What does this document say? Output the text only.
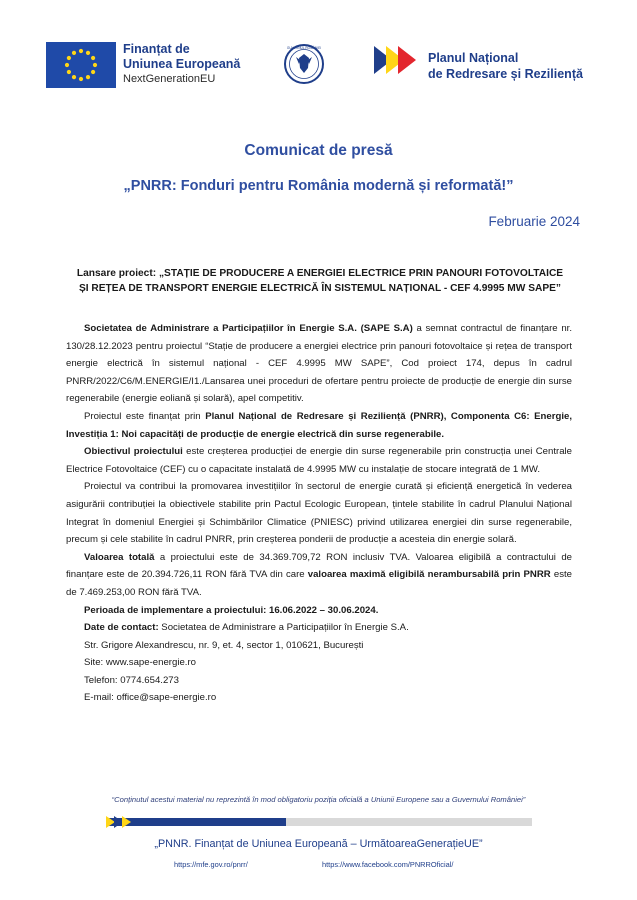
Finanțat de
Uniunea Europeană
NextGenerationEU
GUVERNUL ROMÂNIEI
Planul Național
de Redresare și Reziliență
Comunicat de presă
„PNRR: Fonduri pentru România modernă și reformată!”
Februarie 2024
Lansare proiect: „STAȚIE DE PRODUCERE A ENERGIEI ELECTRICE PRIN PANOURI FOTOVOLTAICE
ȘI REȚEA DE TRANSPORT ENERGIE ELECTRICĂ ÎN SISTEMUL NAȚIONAL - CEF 4.9995 MW SAPE”

Societatea de Administrare a Participațiilor în Energie S.A. (SAPE S.A) a semnat contractul de finanțare nr. 130/28.12.2023 pentru proiectul “Stație de producere a energiei electrice prin panouri fotovoltaice și rețea de transport energie electrică în sistemul național - CEF 4.9995 MW SAPE”, Cod proiect 174, depus în cadrul PNRR/2022/C6/M.ENERGIE/I1./Lansarea unei proceduri de ofertare pentru proiecte de producție de energie din surse regenerabile (energie eoliană și solară), apel competitiv.

Proiectul este finanțat prin Planul Național de Redresare și Reziliență (PNRR), Componenta C6: Energie, Investiția 1: Noi capacități de producție de energie electrică din surse regenerabile.

Obiectivul proiectului este creșterea producției de energie din surse regenerabile prin construcția unei Centrale Electrice Fotovoltaice (CEF) cu o capacitate instalată de 4.9995 MW cu instalație de stocare integrată de 1 MW.

Proiectul va contribui la promovarea investițiilor în sectorul de energie curată și eficiență energetică în vederea asigurării contribuției la obiectivele stabilite prin Pactul Ecologic European, țintele stabilite în cadrul Planului Național Integrat în domeniul Energiei și Schimbărilor Climatice (PNIESC) privind utilizarea energiei din surse regenerabile, precum și cele stabilite în cadrul PNRR, prin creșterea ponderii de producție a acesteia din energie solară.

Valoarea totală a proiectului este de 34.369.709,72 RON inclusiv TVA. Valoarea eligibilă a contractului de finanțare este de 20.394.726,11 RON fără TVA din care valoarea maximă eligibilă nerambursabilă prin PNRR este de 7.469.253,00 RON fără TVA.

Perioada de implementare a proiectului: 16.06.2022 – 30.06.2024.

Date de contact: Societatea de Administrare a Participațiilor în Energie S.A.

Str. Grigore Alexandrescu, nr. 9, et. 4, sector 1, 010621, București

Site: www.sape-energie.ro

Telefon: 0774.654.273

E-mail: office@sape-energie.ro

“Conținutul acestui material nu reprezintă în mod obligatoriu poziția oficială a Uniunii Europene sau a Guvernului României”
„PNNR. Finanțat de Uniunea Europeană – UrmătoareaGenerațieUE”
https://mfe.gov.ro/pnrr/	https://www.facebook.com/PNRROficial/
